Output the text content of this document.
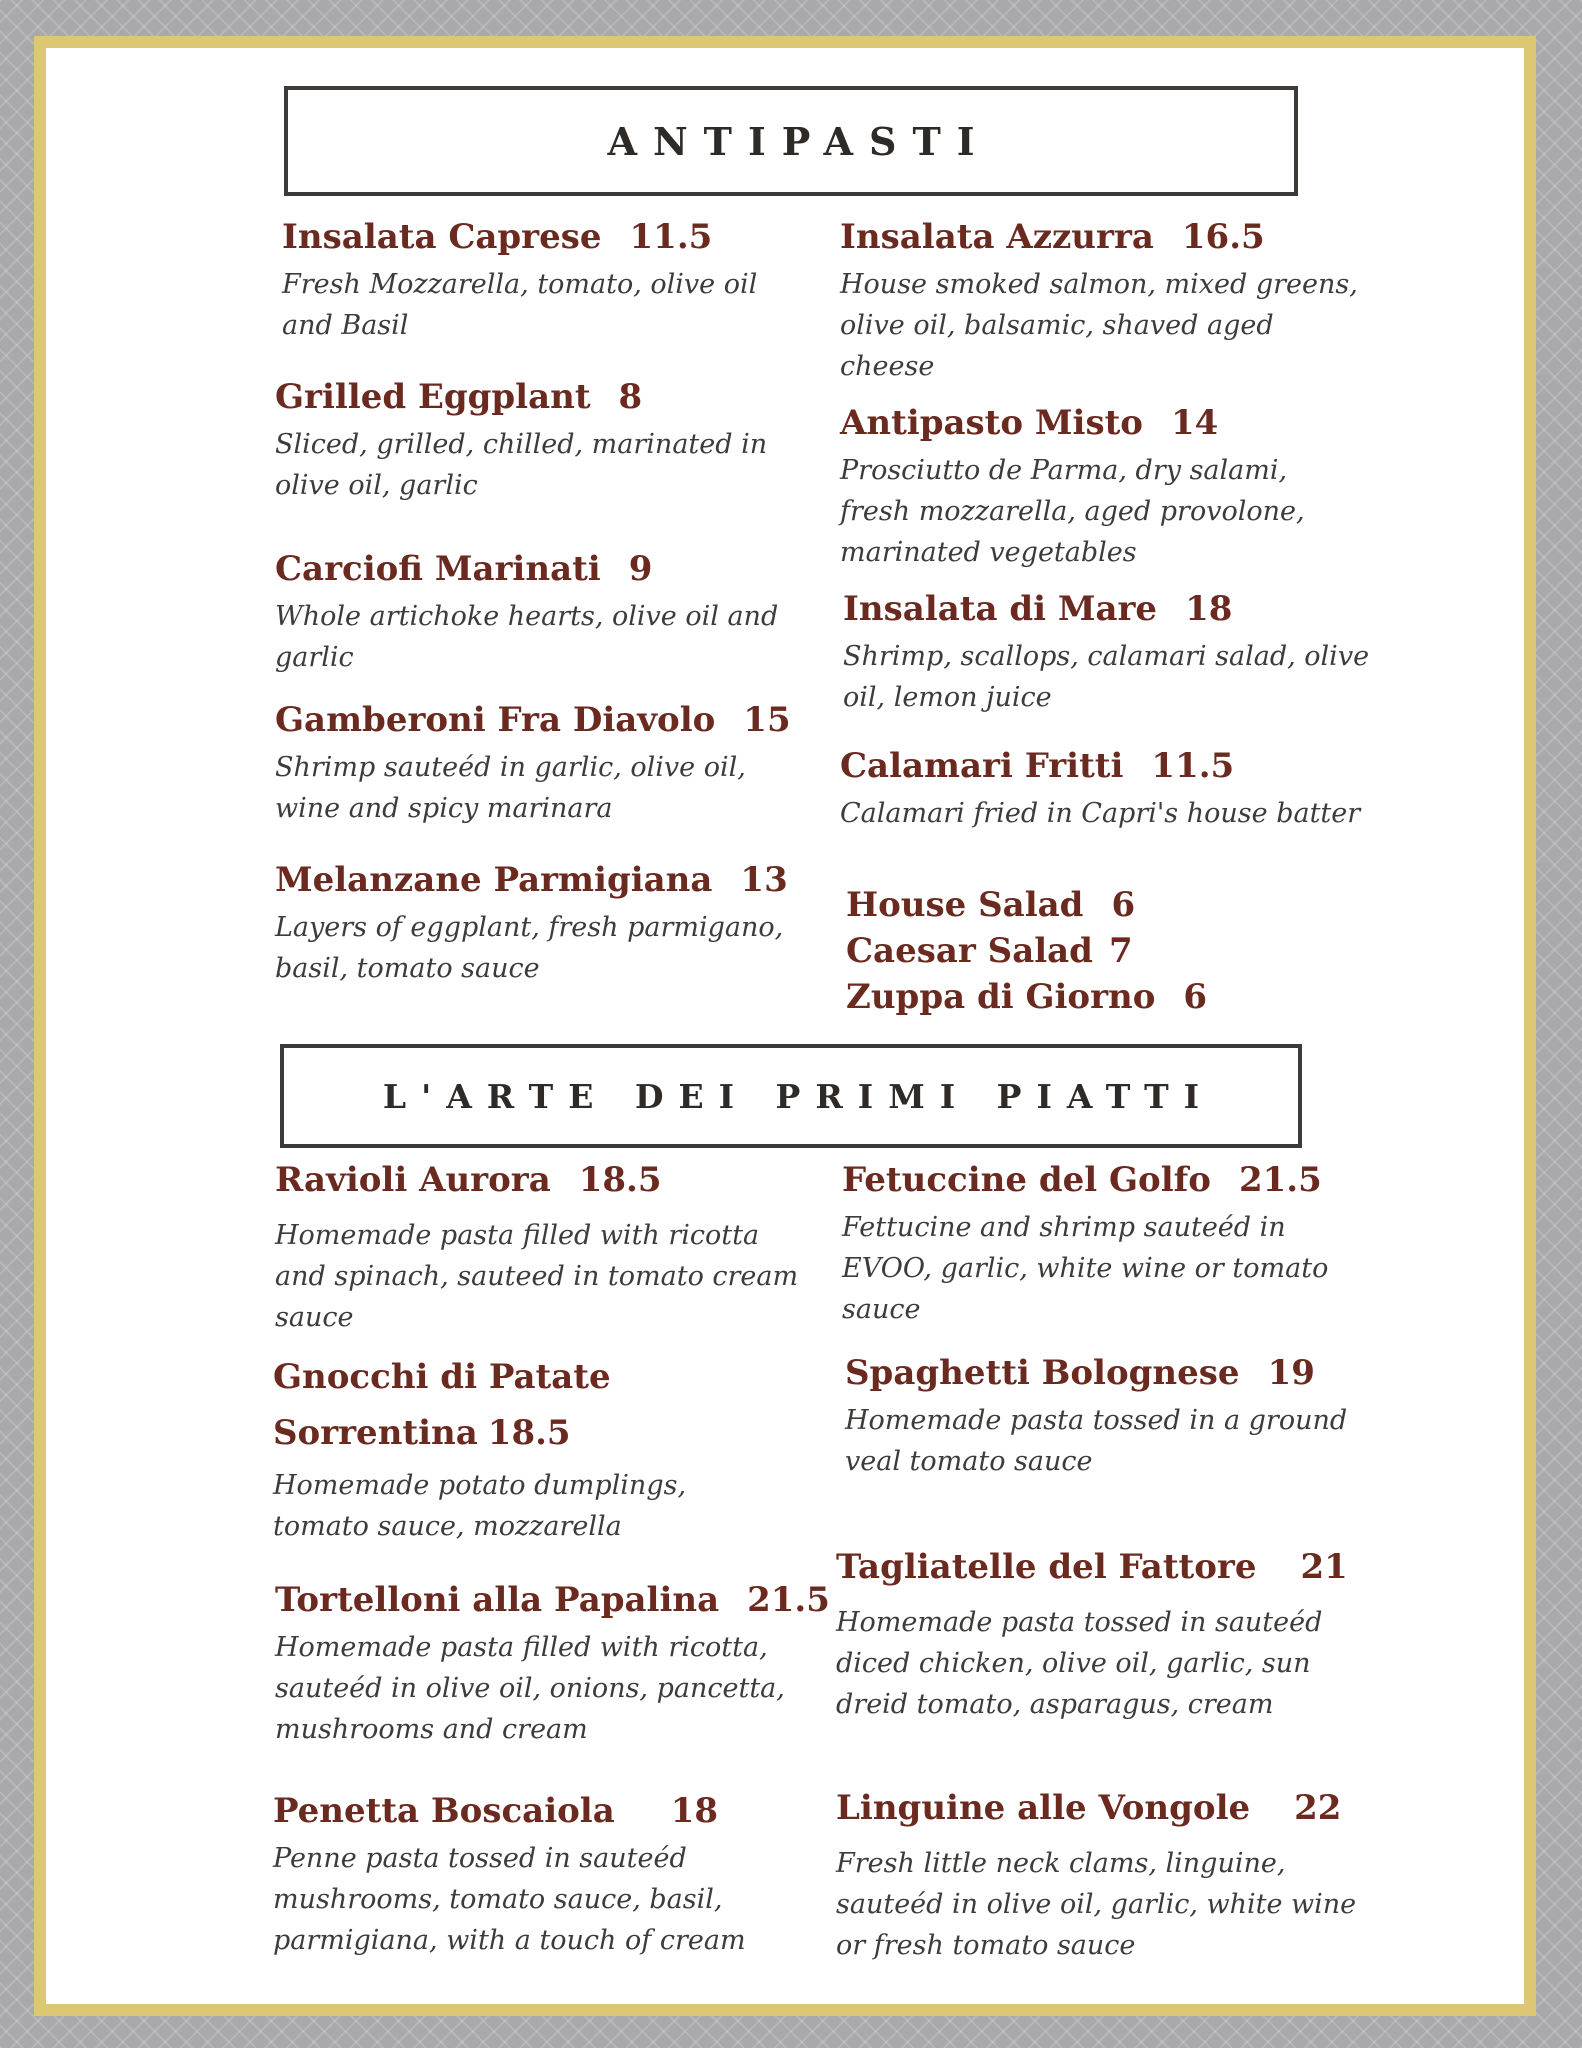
ANTIPASTI

Insalata Caprese 11.5

Fresh Mozzarella, tomato, olive oil
and Basil

Grilled Eggplant 8

Sliced, grilled, chilled, marinated in
olive oil, garlic

Carciofi Marinati 9

Whole artichoke hearts, olive oil and
garlic

Gamberoni Fra Diavolo 15

Shrimp sauteéd in garlic, olive oil,
wine and spicy marinara

Melanzane Parmigiana 13

Layers of eggplant, fresh parmigano,
basil, tomato sauce

Insalata Azzurra 16.5

House smoked salmon, mixed greens,
olive oil, balsamic, shaved aged
cheese

Antipasto Misto 14

Prosciutto de Parma, dry salami,
fresh mozzarella, aged provolone,
marinated vegetables

Insalata di Mare 18

Shrimp, scallops, calamari salad, olive
oil, lemon juice

Calamari Fritti 11.5

Calamari fried in Capri's house batter

House Salad 6

Caesar Salad 7

Zuppa di Giorno 6

L'ARTE DEI PRIMI PIATTI

Ravioli Aurora 18.5

Homemade pasta filled with ricotta
and spinach, sauteed in tomato cream
sauce

Gnocchi di Patate
Sorrentina 18.5

Homemade potato dumplings,
tomato sauce, mozzarella

Tortelloni alla Papalina 21.5

Homemade pasta filled with ricotta,
sauteéd in olive oil, onions, pancetta,
mushrooms and cream

Penetta Boscaiola 18

Penne pasta tossed in sauteéd
mushrooms, tomato sauce, basil,
parmigiana, with a touch of cream

Fetuccine del Golfo 21.5

Fettucine and shrimp sauteéd in
EVOO, garlic, white wine or tomato
sauce

Spaghetti Bolognese 19

Homemade pasta tossed in a ground
veal tomato sauce

Tagliatelle del Fattore 21

Homemade pasta tossed in sauteéd
diced chicken, olive oil, garlic, sun
dreid tomato, asparagus, cream

Linguine alle Vongole 22

Fresh little neck clams, linguine,
sauteéd in olive oil, garlic, white wine
or fresh tomato sauce
